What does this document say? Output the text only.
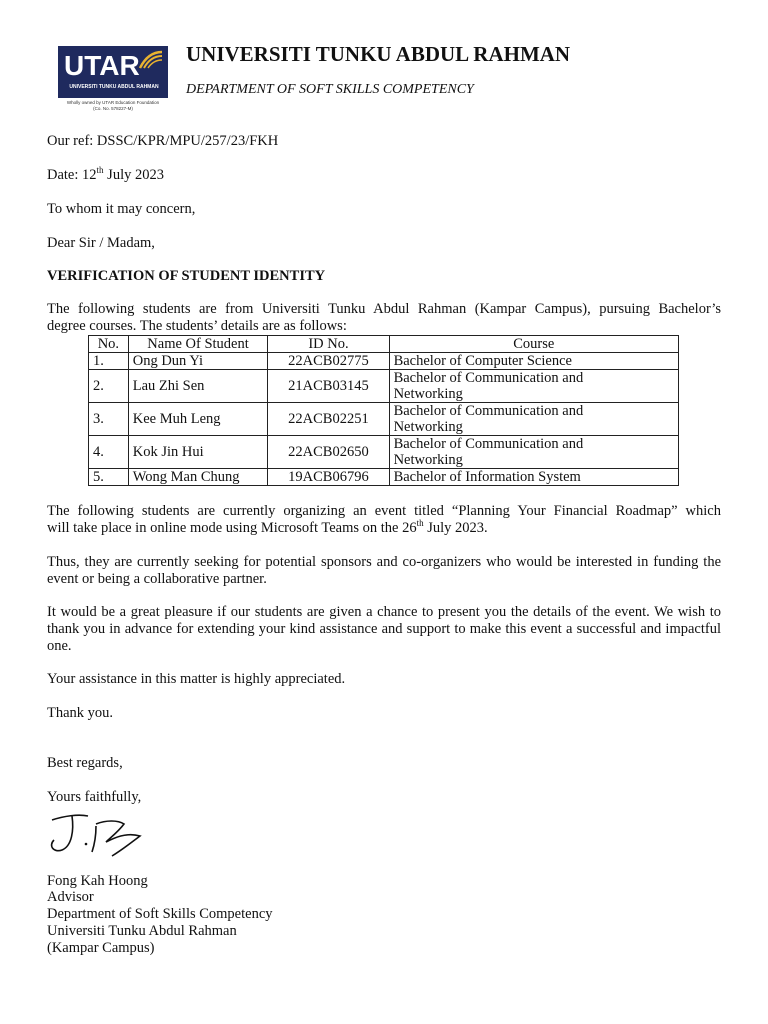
UTAR
UNIVERSITI TUNKU ABDUL RAHMAN
Wholly owned by UTAR Education Foundation
(Co. No. 578227-M)
UNIVERSITI TUNKU ABDUL RAHMAN
DEPARTMENT OF SOFT SKILLS COMPETENCY
Our ref: DSSC/KPR/MPU/257/23/FKH
Date: 12th July 2023
To whom it may concern,
Dear Sir / Madam,
VERIFICATION OF STUDENT IDENTITY
The following students are from Universiti Tunku Abdul Rahman (Kampar Campus), pursuing Bachelor’s
degree courses. The students’ details are as follows:
No.	Name Of Student	ID No.	Course
1.	Ong Dun Yi	22ACB02775	Bachelor of Computer Science
2.	Lau Zhi Sen	21ACB03145	Bachelor of Communication and Networking
3.	Kee Muh Leng	22ACB02251	Bachelor of Communication and Networking
4.	Kok Jin Hui	22ACB02650	Bachelor of Communication and Networking
5.	Wong Man Chung	19ACB06796	Bachelor of Information System
The following students are currently organizing an event titled “Planning Your Financial Roadmap” which
will take place in online mode using Microsoft Teams on the 26th July 2023.
Thus, they are currently seeking for potential sponsors and co-organizers who would be interested in funding the event or being a collaborative partner.
It would be a great pleasure if our students are given a chance to present you the details of the event. We wish to thank you in advance for extending your kind assistance and support to make this event a successful and impactful one.
Your assistance in this matter is highly appreciated.
Thank you.
Best regards,
Yours faithfully,
Fong Kah Hoong
Advisor
Department of Soft Skills Competency
Universiti Tunku Abdul Rahman
(Kampar Campus)
